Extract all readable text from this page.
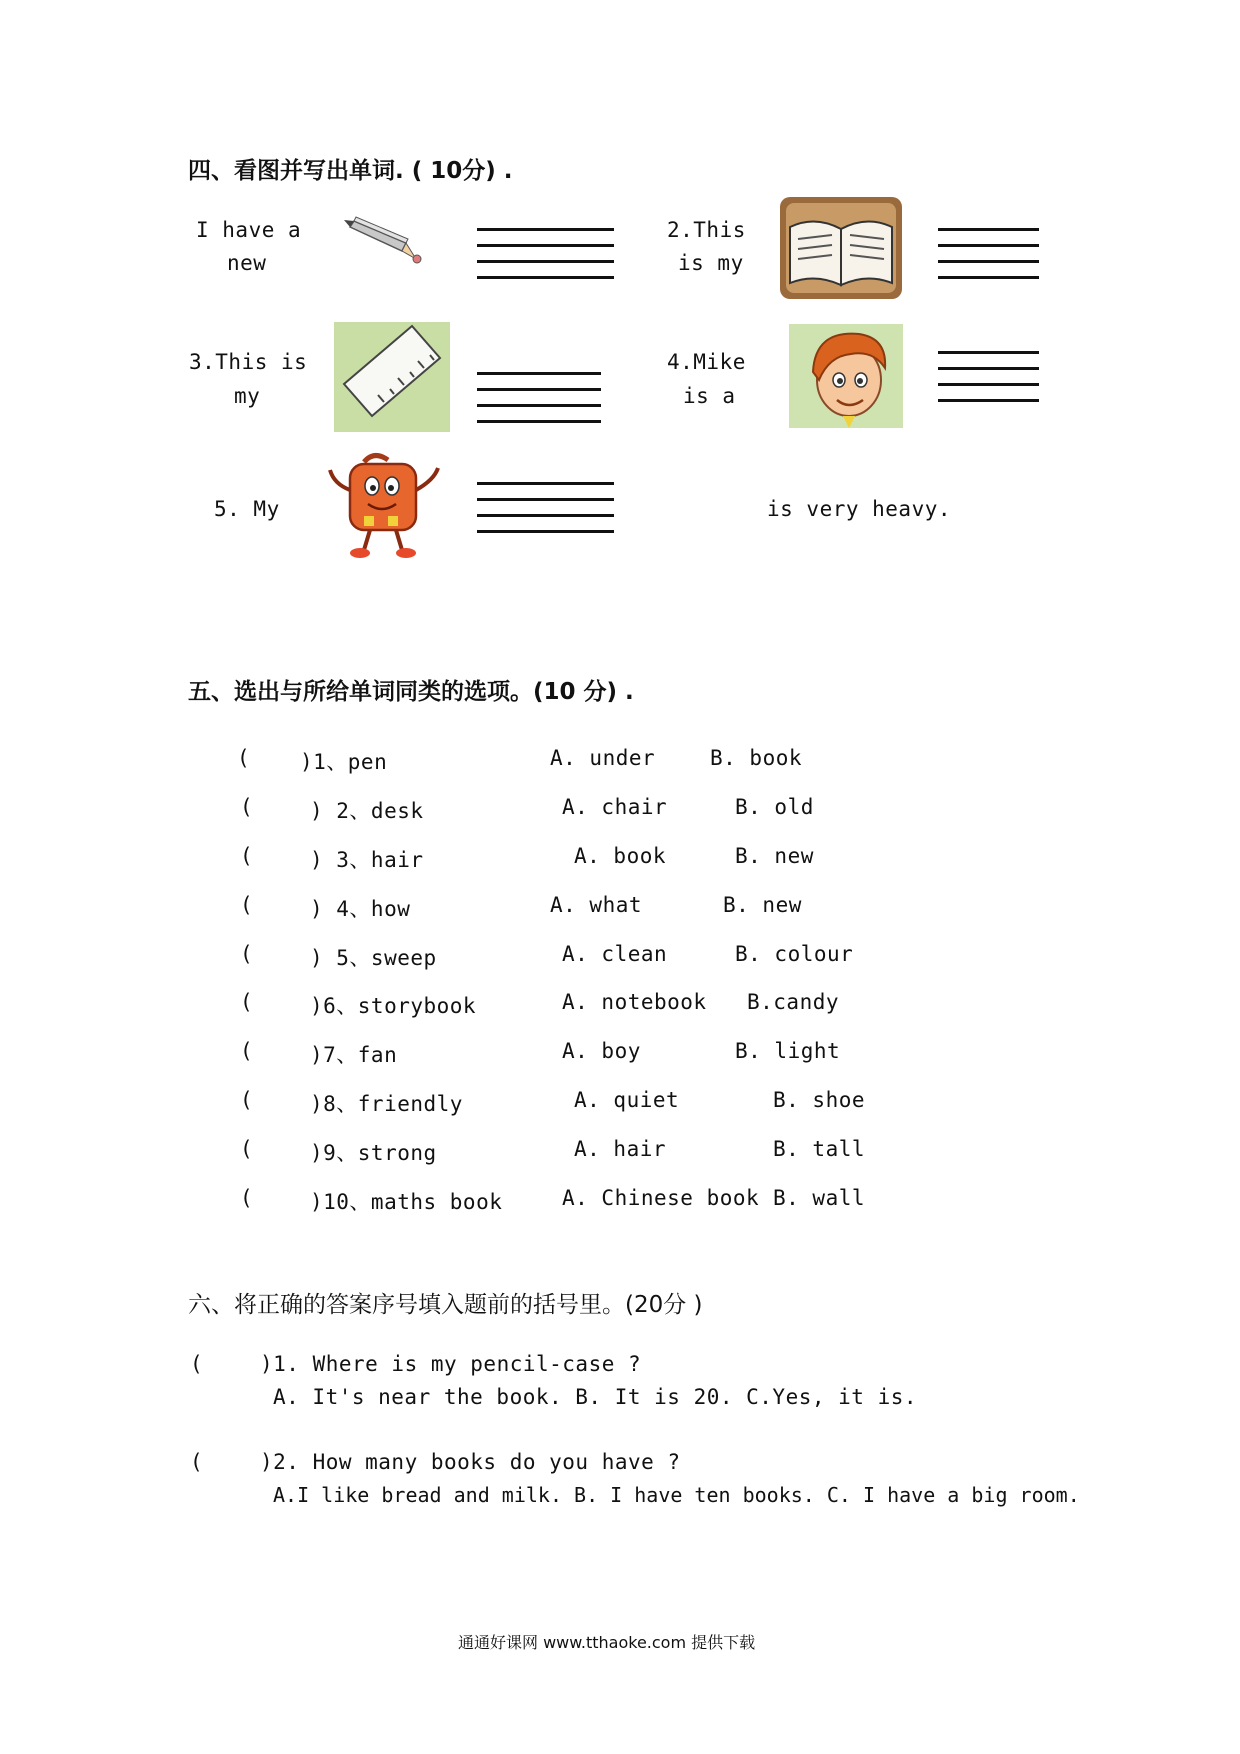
四、看图并写出单词. ( 10分) .
I have a
new
2.This
is my
3.This is
my
4.Mike
is a
5. My	is very heavy.
五、选出与所给单词同类的选项。(10 分) .
( )1、pen	A. under	B. book
(	) 2、desk	A. chair	B. old
(	) 3、hair	A. book	B. new
(	) 4、how	A. what	B. new
(	) 5、sweep	A. clean	B. colour
(	)6、storybook	A. notebook B.candy
(	)7、fan	A. boy	B. light
(	)8、friendly	A. quiet	B. shoe
(	)9、strong	A. hair	B. tall
(	)10、maths book	A. Chinese book B. wall
六、将正确的答案序号填入题前的括号里。(20分 )
(	)1. Where is my pencil-case ?
A. It's near the book. B. It is 20. C.Yes, it is.
(	)2. How many books do you have ?
A.I like bread and milk. B. I have ten books. C. I have a big room.
通通好课网 www.tthaoke.com 提供下载
